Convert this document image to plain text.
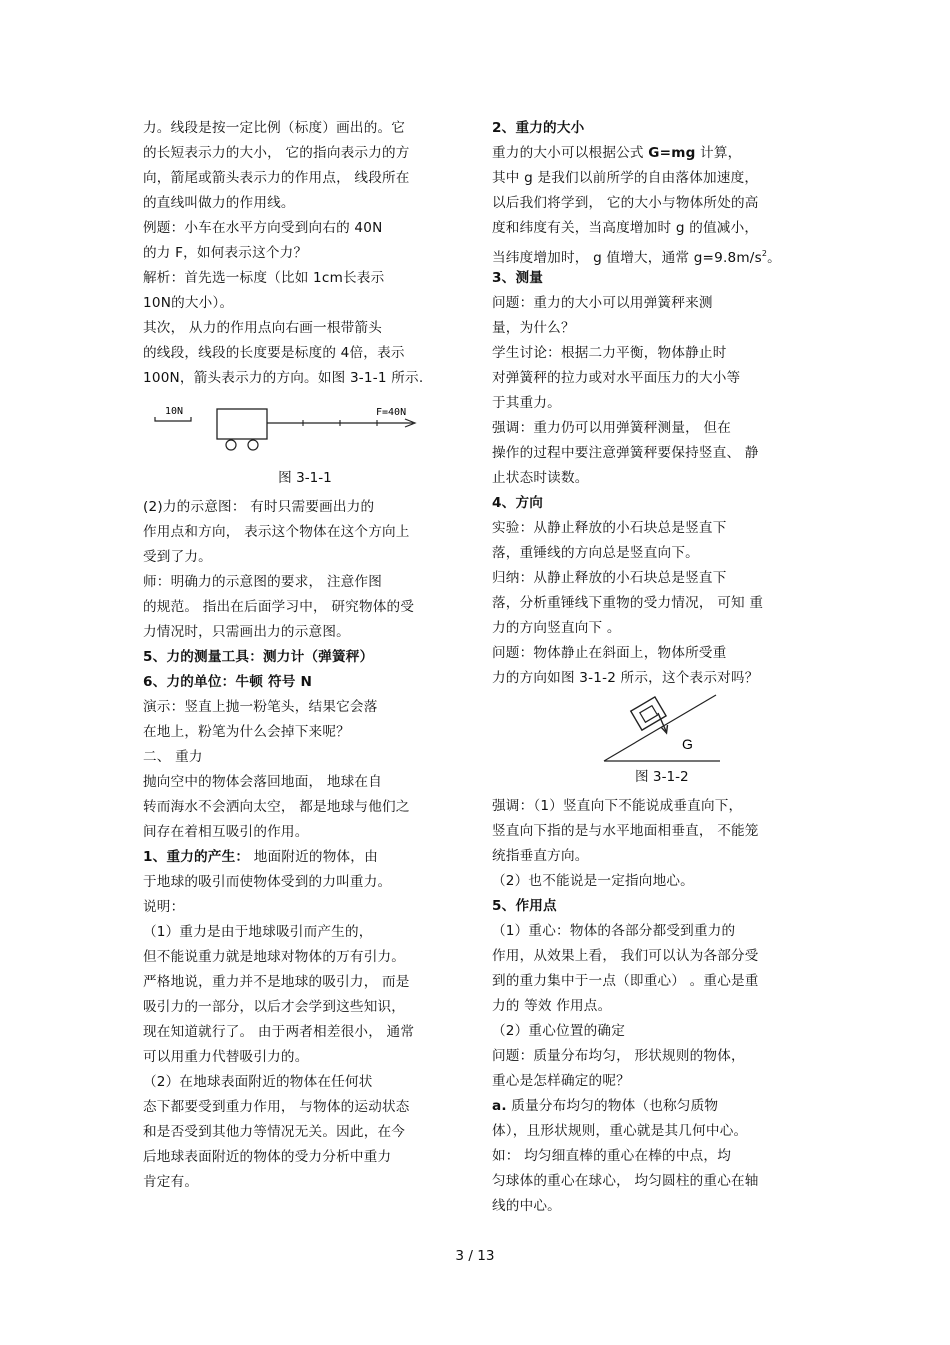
力。线段是按一定比例（标度）画出的。它
的长短表示力的大小， 它的指向表示力的方
向，箭尾或箭头表示力的作用点， 线段所在
的直线叫做力的作用线。
例题：小车在水平方向受到向右的 40N
的力 F，如何表示这个力？
解析：首先选一标度（比如 1cm长表示
10N的大小）。
其次， 从力的作用点向右画一根带箭头
的线段，线段的长度要是标度的 4倍，表示
100N，箭头表示力的方向。如图 3-1-1 所示.
10N	F=40N
图 3-1-1
(2)力的示意图： 有时只需要画出力的
作用点和方向， 表示这个物体在这个方向上
受到了力。
师：明确力的示意图的要求， 注意作图
的规范。 指出在后面学习中， 研究物体的受
力情况时，只需画出力的示意图。
5、力的测量工具：测力计（弹簧秤）
6、力的单位：牛顿 符号 N
演示：竖直上抛一粉笔头，结果它会落
在地上，粉笔为什么会掉下来呢？
二、 重力
抛向空中的物体会落回地面， 地球在自
转而海水不会洒向太空， 都是地球与他们之
间存在着相互吸引的作用。
1、重力的产生： 地面附近的物体，由
于地球的吸引而使物体受到的力叫重力。
说明：
（1）重力是由于地球吸引而产生的，
但不能说重力就是地球对物体的万有引力。
严格地说，重力并不是地球的吸引力， 而是
吸引力的一部分，以后才会学到这些知识，
现在知道就行了。 由于两者相差很小， 通常
可以用重力代替吸引力的。
（2）在地球表面附近的物体在任何状
态下都要受到重力作用， 与物体的运动状态
和是否受到其他力等情况无关。因此，在今
后地球表面附近的物体的受力分析中重力
肯定有。
2、重力的大小
重力的大小可以根据公式 G=mg 计算，
其中 g 是我们以前所学的自由落体加速度，
以后我们将学到， 它的大小与物体所处的高
度和纬度有关，当高度增加时 g 的值减小，
当纬度增加时， g 值增大，通常 $g=9.8m/s^2$。
3、测量
问题：重力的大小可以用弹簧秤来测
量，为什么？
学生讨论：根据二力平衡，物体静止时
对弹簧秤的拉力或对水平面压力的大小等
于其重力。
强调：重力仍可以用弹簧秤测量， 但在
操作的过程中要注意弹簧秤要保持竖直、 静
止状态时读数。
4、方向
实验：从静止释放的小石块总是竖直下
落，重锤线的方向总是竖直向下。
归纳：从静止释放的小石块总是竖直下
落，分析重锤线下重物的受力情况， 可知 重
力的方向竖直向下 。
问题：物体静止在斜面上，物体所受重
力的方向如图 3-1-2 所示，这个表示对吗？
G
图 3-1-2
强调：（1）竖直向下不能说成垂直向下，
竖直向下指的是与水平地面相垂直， 不能笼
统指垂直方向。
（2）也不能说是一定指向地心。
5、作用点
（1）重心：物体的各部分都受到重力的
作用，从效果上看， 我们可以认为各部分受
到的重力集中于一点（即重心） 。重心是重
力的 等效 作用点。
（2）重心位置的确定
问题：质量分布均匀， 形状规则的物体，
重心是怎样确定的呢？
a. 质量分布均匀的物体（也称匀质物
体），且形状规则，重心就是其几何中心。
如： 均匀细直棒的重心在棒的中点，均
匀球体的重心在球心， 均匀圆柱的重心在轴
线的中心。
3 / 13
